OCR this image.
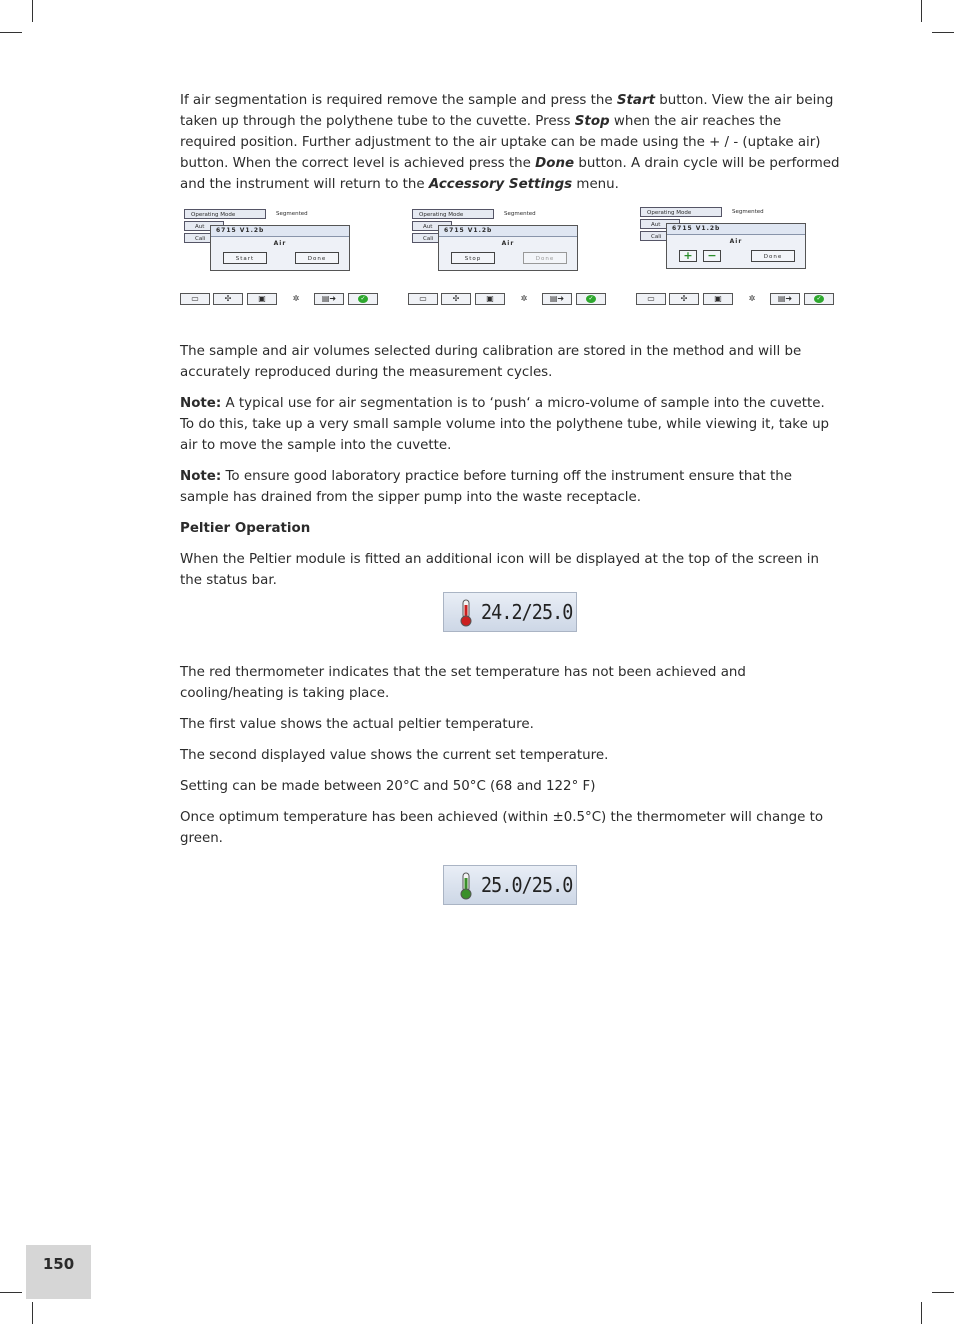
If air segmentation is required remove the sample and press the Start button. View the air being taken up through the polythene tube to the cuvette. Press Stop when the air reaches the required position. Further adjustment to the air uptake can be made using the + / - (uptake air) button. When the correct level is achieved press the Done button. A drain cycle will be performed and the instrument will return to the Accessory Settings menu.

Operating Mode	Segmented
Aut
Cali
6715 V1.2b
Air
Start	Done
▭	✣	▣	✲	▤➜	✓
Operating Mode	Segmented
Aut
Cali
6715 V1.2b
Air
Stop	Done
▭	✣	▣	✲	▤➜	✓
Operating Mode	Segmented
Aut
Cali
6715 V1.2b
Air
+	−	Done
▭	✣	▣	✲	▤➜	✓

The sample and air volumes selected during calibration are stored in the method and will be accurately reproduced during the measurement cycles.

Note: A typical use for air segmentation is to ‘push‘ a micro-volume of sample into the cuvette. To do this, take up a very small sample volume into the polythene tube, while viewing it, take up air to move the sample into the cuvette.

Note: To ensure good laboratory practice before turning off the instrument ensure that the sample has drained from the sipper pump into the waste receptacle.

Peltier Operation

When the Peltier module is fitted an additional icon will be displayed at the top of the screen in the status bar.

24.2/25.0

The red thermometer indicates that the set temperature has not been achieved and cooling/heating is taking place.

The first value shows the actual peltier temperature.

The second displayed value shows the current set temperature.

Setting can be made between 20°C and 50°C (68 and 122° F)

Once optimum temperature has been achieved (within ±0.5°C) the thermometer will change to green.

25.0/25.0
150
